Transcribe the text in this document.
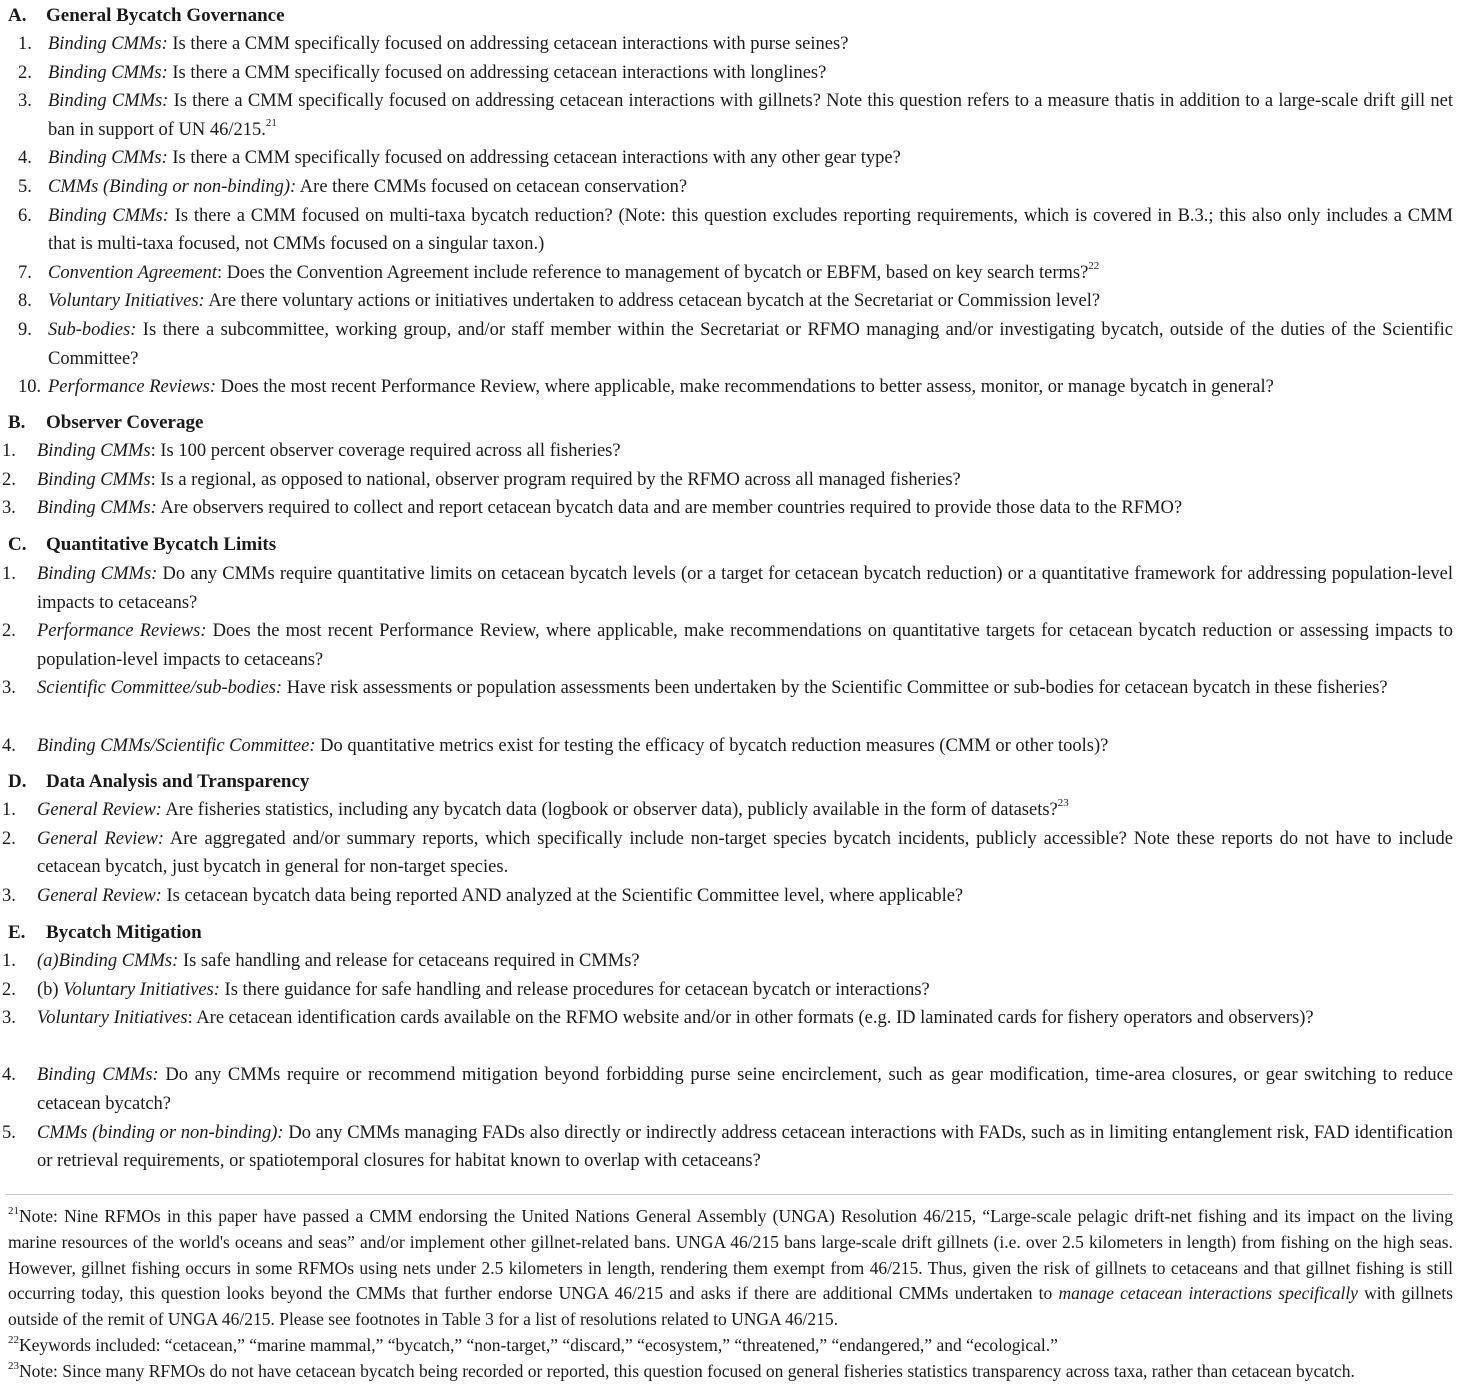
A. General Bycatch Governance
1. Binding CMMs: Is there a CMM specifically focused on addressing cetacean interactions with purse seines?
2. Binding CMMs: Is there a CMM specifically focused on addressing cetacean interactions with longlines?
3. Binding CMMs: Is there a CMM specifically focused on addressing cetacean interactions with gillnets? Note this question refers to a measure thatis in addition to a large-scale drift gill net ban in support of UN 46/215.21
4. Binding CMMs: Is there a CMM specifically focused on addressing cetacean interactions with any other gear type?
5. CMMs (Binding or non-binding): Are there CMMs focused on cetacean conservation?
6. Binding CMMs: Is there a CMM focused on multi-taxa bycatch reduction? (Note: this question excludes reporting requirements, which is covered in B.3.; this also only includes a CMM that is multi-taxa focused, not CMMs focused on a singular taxon.)
7. Convention Agreement: Does the Convention Agreement include reference to management of bycatch or EBFM, based on key search terms?$^{22}$
8. Voluntary Initiatives: Are there voluntary actions or initiatives undertaken to address cetacean bycatch at the Secretariat or Commission level?
9. Sub-bodies: Is there a subcommittee, working group, and/or staff member within the Secretariat or RFMO managing and/or investigating bycatch, outside of the duties of the Scientific Committee?
10. Performance Reviews: Does the most recent Performance Review, where applicable, make recommendations to better assess, monitor, or manage bycatch in general?
B. Observer Coverage
1.	Binding CMMs: Is 100 percent observer coverage required across all fisheries?
2.	Binding CMMs: Is a regional, as opposed to national, observer program required by the RFMO across all managed fisheries?
3.	Binding CMMs: Are observers required to collect and report cetacean bycatch data and are member countries required to provide those data to the RFMO?
C. Quantitative Bycatch Limits
1.	Binding CMMs: Do any CMMs require quantitative limits on cetacean bycatch levels (or a target for cetacean bycatch reduction) or a quantitative framework for addressing population-level impacts to cetaceans?
2.	Performance Reviews: Does the most recent Performance Review, where applicable, make recommendations on quantitative targets for cetacean bycatch reduction or assessing impacts to population-level impacts to cetaceans?
3.	Scientific Committee/sub-bodies: Have risk assessments or population assessments been undertaken by the Scientific Committee or sub-bodies for cetacean bycatch in these fisheries?
4.	Binding CMMs/Scientific Committee: Do quantitative metrics exist for testing the efficacy of bycatch reduction measures (CMM or other tools)?
D. Data Analysis and Transparency
1.	General Review: Are fisheries statistics, including any bycatch data (logbook or observer data), publicly available in the form of datasets?$^{23}$
2.	General Review: Are aggregated and/or summary reports, which specifically include non-target species bycatch incidents, publicly accessible? Note these reports do not have to include cetacean bycatch, just bycatch in general for non-target species.
3.	General Review: Is cetacean bycatch data being reported AND analyzed at the Scientific Committee level, where applicable?
E. Bycatch Mitigation
1.	(a)Binding CMMs: Is safe handling and release for cetaceans required in CMMs?
2.	(b) Voluntary Initiatives: Is there guidance for safe handling and release procedures for cetacean bycatch or interactions?
3.	Voluntary Initiatives: Are cetacean identification cards available on the RFMO website and/or in other formats (e.g. ID laminated cards for fishery operators and observers)?
4.	Binding CMMs: Do any CMMs require or recommend mitigation beyond forbidding purse seine encirclement, such as gear modification, time-area closures, or gear switching to reduce cetacean bycatch?
5.	CMMs (binding or non-binding): Do any CMMs managing FADs also directly or indirectly address cetacean interactions with FADs, such as in limiting entanglement risk, FAD identification or retrieval requirements, or spatiotemporal closures for habitat known to overlap with cetaceans?
$^{21}$Note: Nine RFMOs in this paper have passed a CMM endorsing the United Nations General Assembly (UNGA) Resolution 46/215, “Large-scale pelagic drift-net fishing and its impact on the living marine resources of the world's oceans and seas” and/or implement other gillnet-related bans. UNGA 46/215 bans large-scale drift gillnets (i.e. over 2.5 kilometers in length) from fishing on the high seas. However, gillnet fishing occurs in some RFMOs using nets under 2.5 kilometers in length, rendering them exempt from 46/215. Thus, given the risk of gillnets to cetaceans and that gillnet fishing is still occurring today, this question looks beyond the CMMs that further endorse UNGA 46/215 and asks if there are additional CMMs undertaken to manage cetacean interactions specifically with gillnets outside of the remit of UNGA 46/215. Please see footnotes in Table 3 for a list of resolutions related to UNGA 46/215.
$^{22}$Keywords included: “cetacean,” “marine mammal,” “bycatch,” “non-target,” “discard,” “ecosystem,” “threatened,” “endangered,” and “ecological.”
$^{23}$Note: Since many RFMOs do not have cetacean bycatch being recorded or reported, this question focused on general fisheries statistics transparency across taxa, rather than cetacean bycatch.
